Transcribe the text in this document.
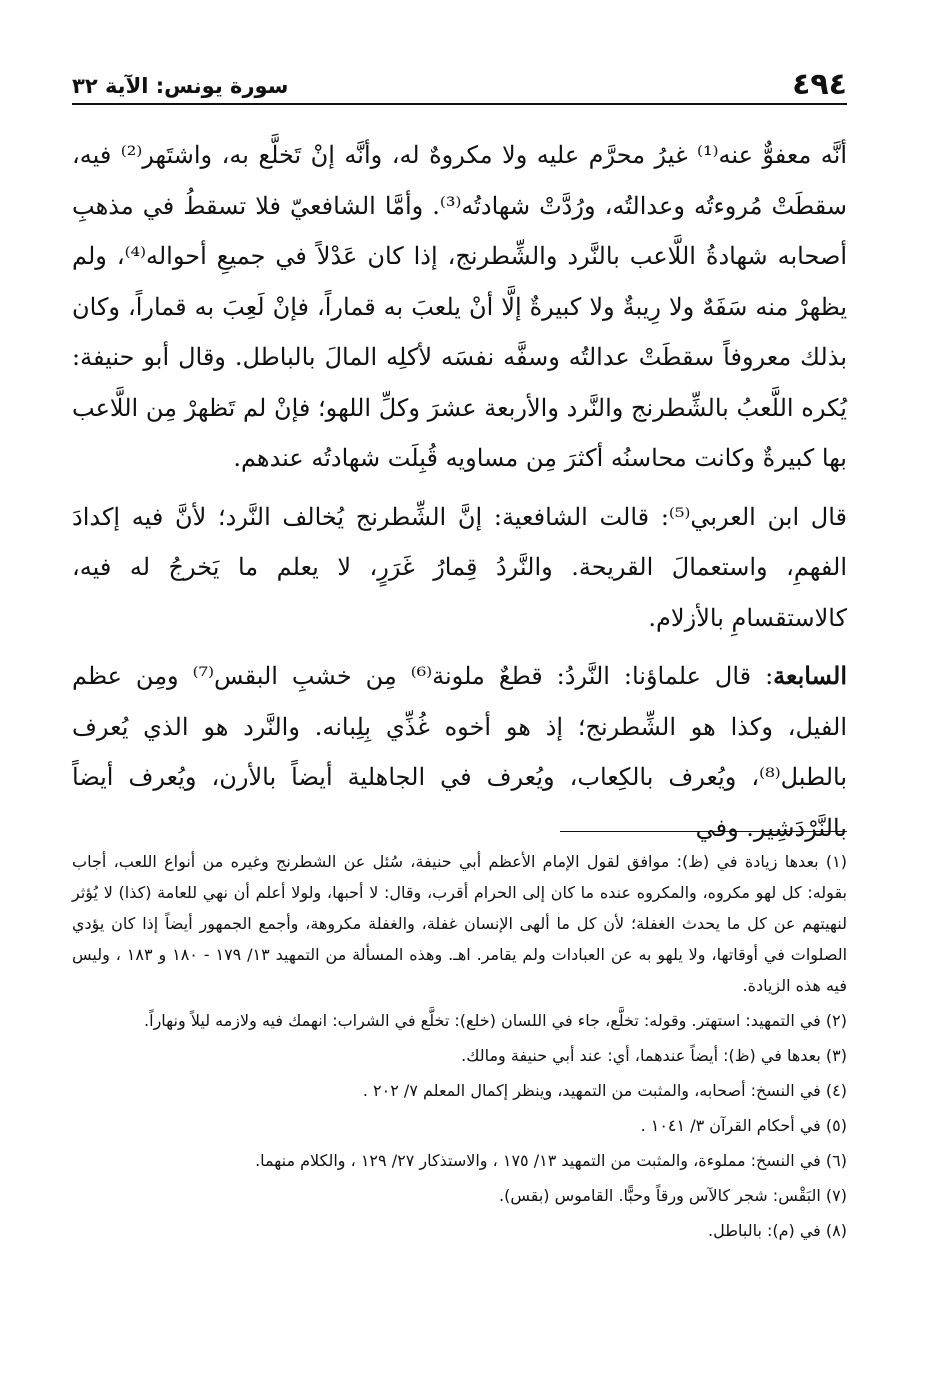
٤٩٤
سورة يونس: الآية ٣٢

أنَّه معفوٌّ عنه⁽¹⁾ غيرُ محرَّم عليه ولا مكروهٌ له، وأنَّه إنْ تَخلَّع به، واشتَهر⁽²⁾ فيه، سقطَتْ مُروءتُه وعدالتُه، ورُدَّتْ شهادتُه⁽³⁾. وأمَّا الشافعيّ فلا تسقطُ في مذهبِ أصحابه شهادةُ اللَّاعب بالنَّرد والشِّطرنج، إذا كان عَدْلاً في جميعِ أحواله⁽⁴⁾، ولم يظهرْ منه سَفَهٌ ولا رِيبةٌ ولا كبيرةٌ إلَّا أنْ يلعبَ به قماراً، فإنْ لَعِبَ به قماراً، وكان بذلك معروفاً سقطَتْ عدالتُه وسفَّه نفسَه لأكلِه المالَ بالباطل. وقال أبو حنيفة: يُكره اللَّعبُ بالشِّطرنج والنَّرد والأربعة عشرَ وكلِّ اللهو؛ فإنْ لم تَظهرْ مِن اللَّاعب بها كبيرةٌ وكانت محاسنُه أكثرَ مِن مساويه قُبِلَت شهادتُه عندهم.

قال ابن العربي⁽⁵⁾: قالت الشافعية: إنَّ الشِّطرنج يُخالف النَّرد؛ لأنَّ فيه إكدادَ الفهمِ، واستعمالَ القريحة. والنَّردُ قِمارُ غَرَرٍ، لا يعلم ما يَخرجُ له فيه، كالاستقسامِ بالأزلام.

السابعة: قال علماؤنا: النَّردُ: قطعٌ ملونة⁽⁶⁾ مِن خشبِ البقس⁽⁷⁾ ومِن عظم الفيل، وكذا هو الشِّطرنج؛ إذ هو أخوه غُذِّي بِلِبانه. والنَّرد هو الذي يُعرف بالطبل⁽⁸⁾، ويُعرف بالكِعاب، ويُعرف في الجاهلية أيضاً بالأرن، ويُعرف أيضاً بالنَّرْدَشِير. وفي

(١) بعدها زيادة في (ظ): موافق لقول الإمام الأعظم أبي حنيفة، سُئل عن الشطرنج وغيره من أنواع اللعب، أجاب بقوله: كل لهو مكروه، والمكروه عنده ما كان إلى الحرام أقرب، وقال: لا أحبها، ولولا أعلم أن نهي للعامة (كذا) لا يُؤثر لنهيتهم عن كل ما يحدث الغفلة؛ لأن كل ما ألهى الإنسان غفلة، والغفلة مكروهة، وأجمع الجمهور أيضاً إذا كان يؤدي الصلوات في أوقاتها، ولا يلهو به عن العبادات ولم يقامر. اهـ. وهذه المسألة من التمهيد ١٣/ ١٧٩ - ١٨٠ و ١٨٣ ، وليس فيه هذه الزيادة.

(٢) في التمهيد: استهتر. وقوله: تخلَّع، جاء في اللسان (خلع): تخلَّع في الشراب: انهمك فيه ولازمه ليلاً ونهاراً.

(٣) بعدها في (ظ): أيضاً عندهما، أي: عند أبي حنيفة ومالك.

(٤) في النسخ: أصحابه، والمثبت من التمهيد، وينظر إكمال المعلم ٧/ ٢٠٢ .

(٥) في أحكام القرآن ٣/ ١٠٤١ .

(٦) في النسخ: مملوءة، والمثبت من التمهيد ١٣/ ١٧٥ ، والاستذكار ٢٧/ ١٢٩ ، والكلام منهما.

(٧) البَقْس: شجر كالآس ورقاً وحبًّا. القاموس (بقس).

(٨) في (م): بالباطل.
